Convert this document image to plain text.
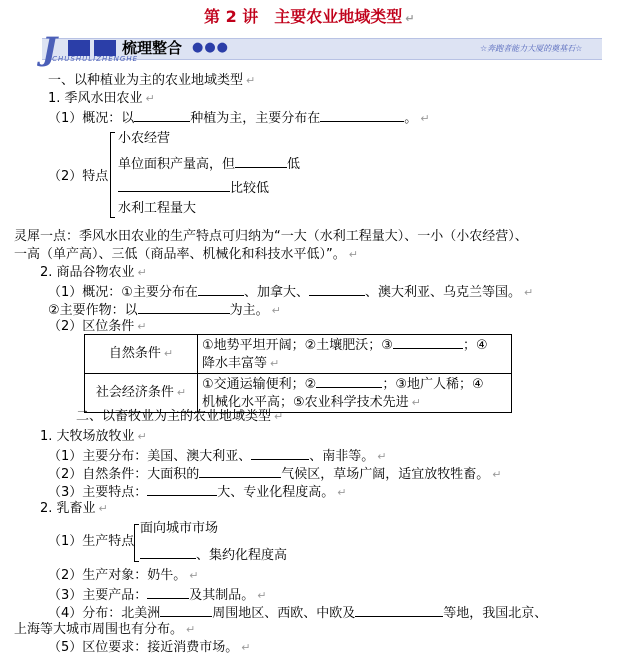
第 2 讲　主要农业地域类型 ↵
J	梳理整合 ●●●
JICHUSHULIZHENGHE
☆奔跑者能力大厦的奠基石☆
一、以种植业为主的农业地域类型 ↵
1. 季风水田农业 ↵
（1）概况：以	种植为主，主要分布在	。 ↵
（2）特点
小农经营
单位面积产量高，但	低
比较低
水利工程量大
灵犀一点：季风水田农业的生产特点可归纳为“一大（水利工程量大）、一小（小农经营）、
一高（单产高）、三低（商品率、机械化和科技水平低）”。 ↵
2. 商品谷物农业 ↵
（1）概况：①主要分布在	、加拿大、	、澳大利亚、乌克兰等国。 ↵
②主要作物：以	为主。 ↵
（2）区位条件 ↵
自然条件 ↵	①地势平坦开阔；②土壤肥沃；③ ；④
降水丰富等 ↵

社会经济条件 ↵	①交通运输便利；② ；③地广人稀；④
机械化水平高；⑤农业科学技术先进 ↵
二、以畜牧业为主的农业地域类型 ↵
1. 大牧场放牧业 ↵
（1）主要分布：美国、澳大利亚、	、南非等。 ↵
（2）自然条件：大面积的	气候区，草场广阔，适宜放牧牲畜。 ↵
（3）主要特点：	大、专业化程度高。 ↵
2. 乳畜业 ↵
（1）生产特点
面向城市市场
、集约化程度高
（2）生产对象：奶牛。 ↵
（3）主要产品：	及其制品。 ↵
（4）分布：北美洲	周围地区、西欧、中欧及	等地，我国北京、
上海等大城市周围也有分布。 ↵
（5）区位要求：接近消费市场。 ↵
